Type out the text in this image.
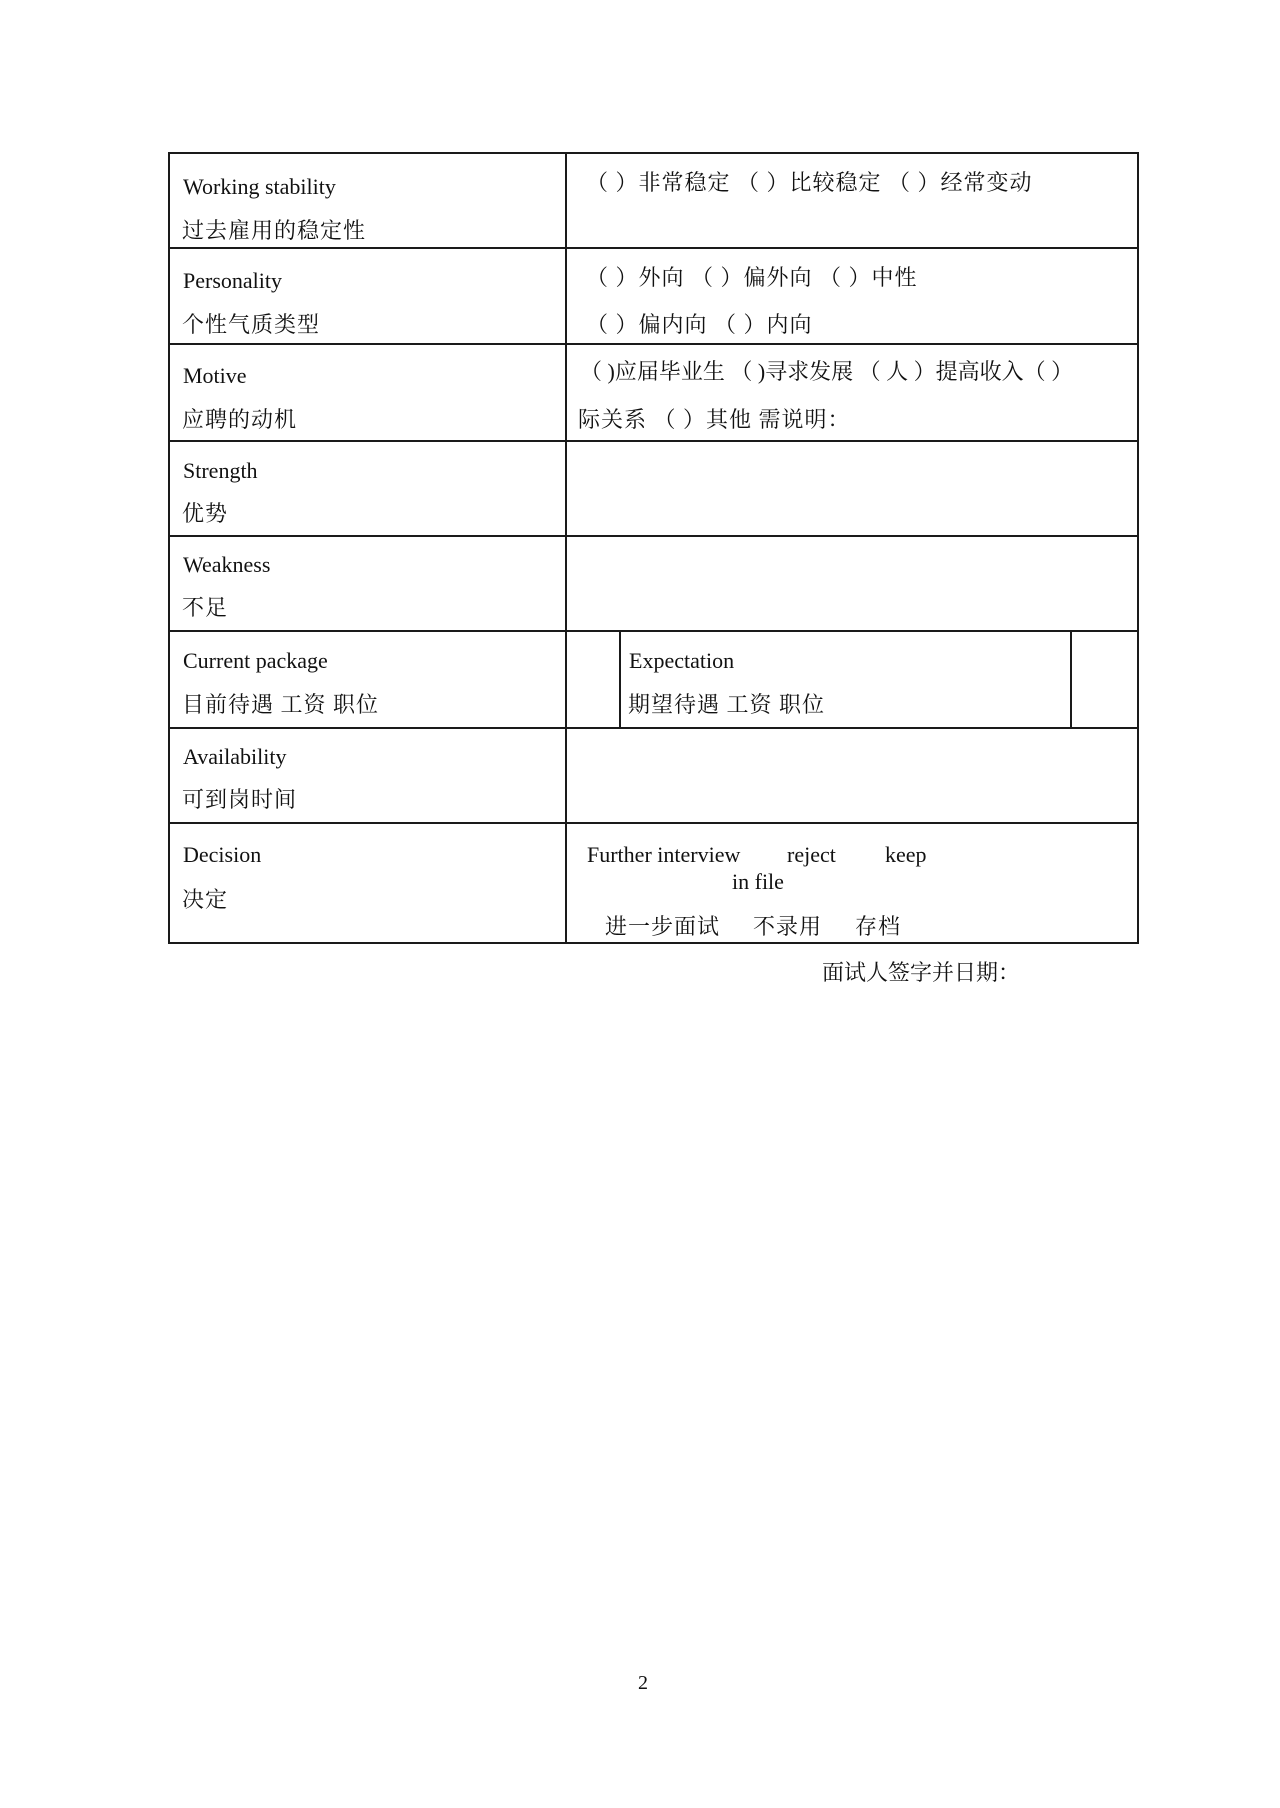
Working stability
过去雇用的稳定性
（ ）非常稳定 （ ）比较稳定 （ ）经常变动
Personality
个性气质类型
（ ）外向 （ ）偏外向 （ ）中性
（ ）偏内向 （ ）内向
Motive
应聘的动机
（ )应届毕业生 （ )寻求发展 （ 人 ）提高收入（ ）
际关系 （ ）其他 需说明：
Strength
优势
Weakness
不足
Current package
目前待遇 工资 职位
Expectation
期望待遇 工资 职位
Availability
可到岗时间
Decision
决定
Further interview reject keep
in file
进一步面试 不录用 存档
面试人签字并日期：
2
